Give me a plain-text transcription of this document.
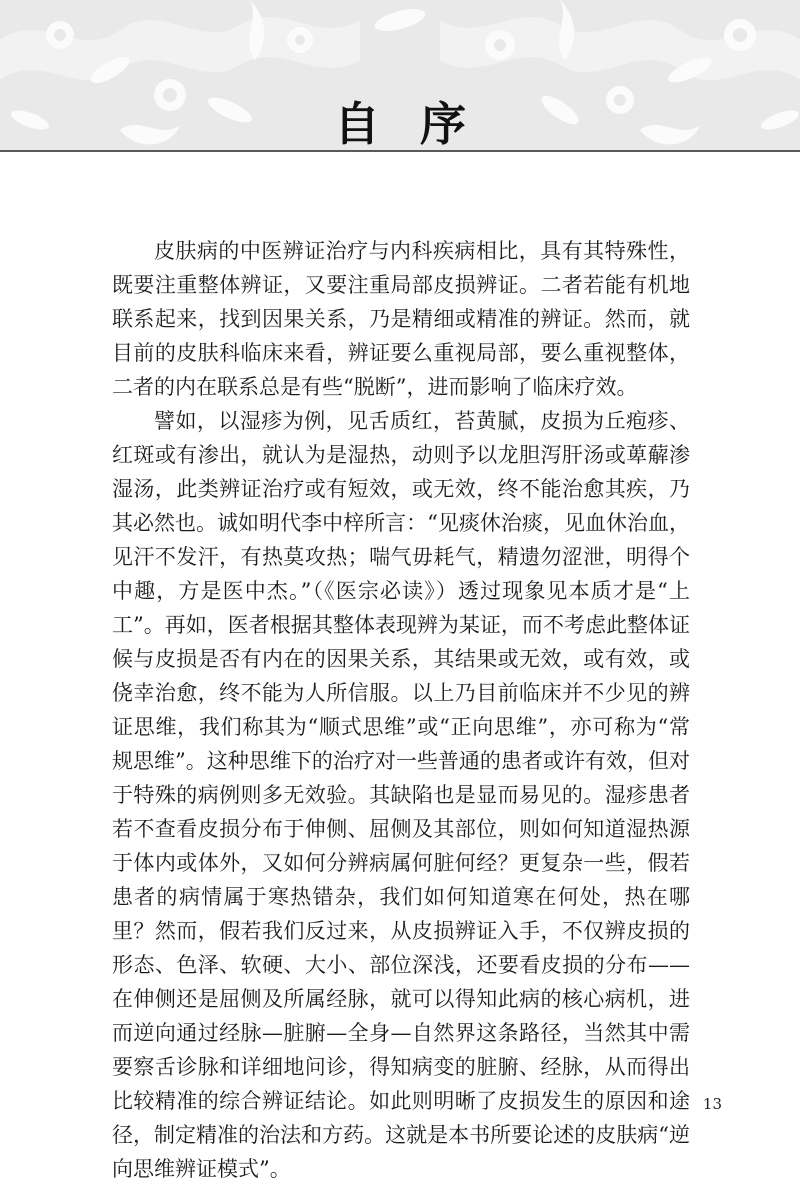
自序

皮肤病的中医辨证治疗与内科疾病相比，具有其特殊性，既要注重整体辨证，又要注重局部皮损辨证。二者若能有机地联系起来，找到因果关系，乃是精细或精准的辨证。然而，就目前的皮肤科临床来看，辨证要么重视局部，要么重视整体，二者的内在联系总是有些“脱断”，进而影响了临床疗效。

譬如，以湿疹为例，见舌质红，苔黄腻，皮损为丘疱疹、红斑或有渗出，就认为是湿热，动则予以龙胆泻肝汤或萆薢渗湿汤，此类辨证治疗或有短效，或无效，终不能治愈其疾，乃其必然也。诚如明代李中梓所言：“见痰休治痰，见血休治血，见汗不发汗，有热莫攻热；喘气毋耗气，精遗勿涩泄，明得个中趣，方是医中杰。”（《医宗必读》）透过现象见本质才是“上工”。再如，医者根据其整体表现辨为某证，而不考虑此整体证候与皮损是否有内在的因果关系，其结果或无效，或有效，或侥幸治愈，终不能为人所信服。以上乃目前临床并不少见的辨证思维，我们称其为“顺式思维”或“正向思维”，亦可称为“常规思维”。这种思维下的治疗对一些普通的患者或许有效，但对于特殊的病例则多无效验。其缺陷也是显而易见的。湿疹患者若不查看皮损分布于伸侧、屈侧及其部位，则如何知道湿热源于体内或体外，又如何分辨病属何脏何经？更复杂一些，假若患者的病情属于寒热错杂，我们如何知道寒在何处，热在哪里？然而，假若我们反过来，从皮损辨证入手，不仅辨皮损的形态、色泽、软硬、大小、部位深浅，还要看皮损的分布——在伸侧还是屈侧及所属经脉，就可以得知此病的核心病机，进而逆向通过经脉—脏腑—全身—自然界这条路径，当然其中需要察舌诊脉和详细地问诊，得知病变的脏腑、经脉，从而得出比较精准的综合辨证结论。如此则明晰了皮损发生的原因和途径，制定精准的治法和方药。这就是本书所要论述的皮肤病“逆向思维辨证模式”。

13
